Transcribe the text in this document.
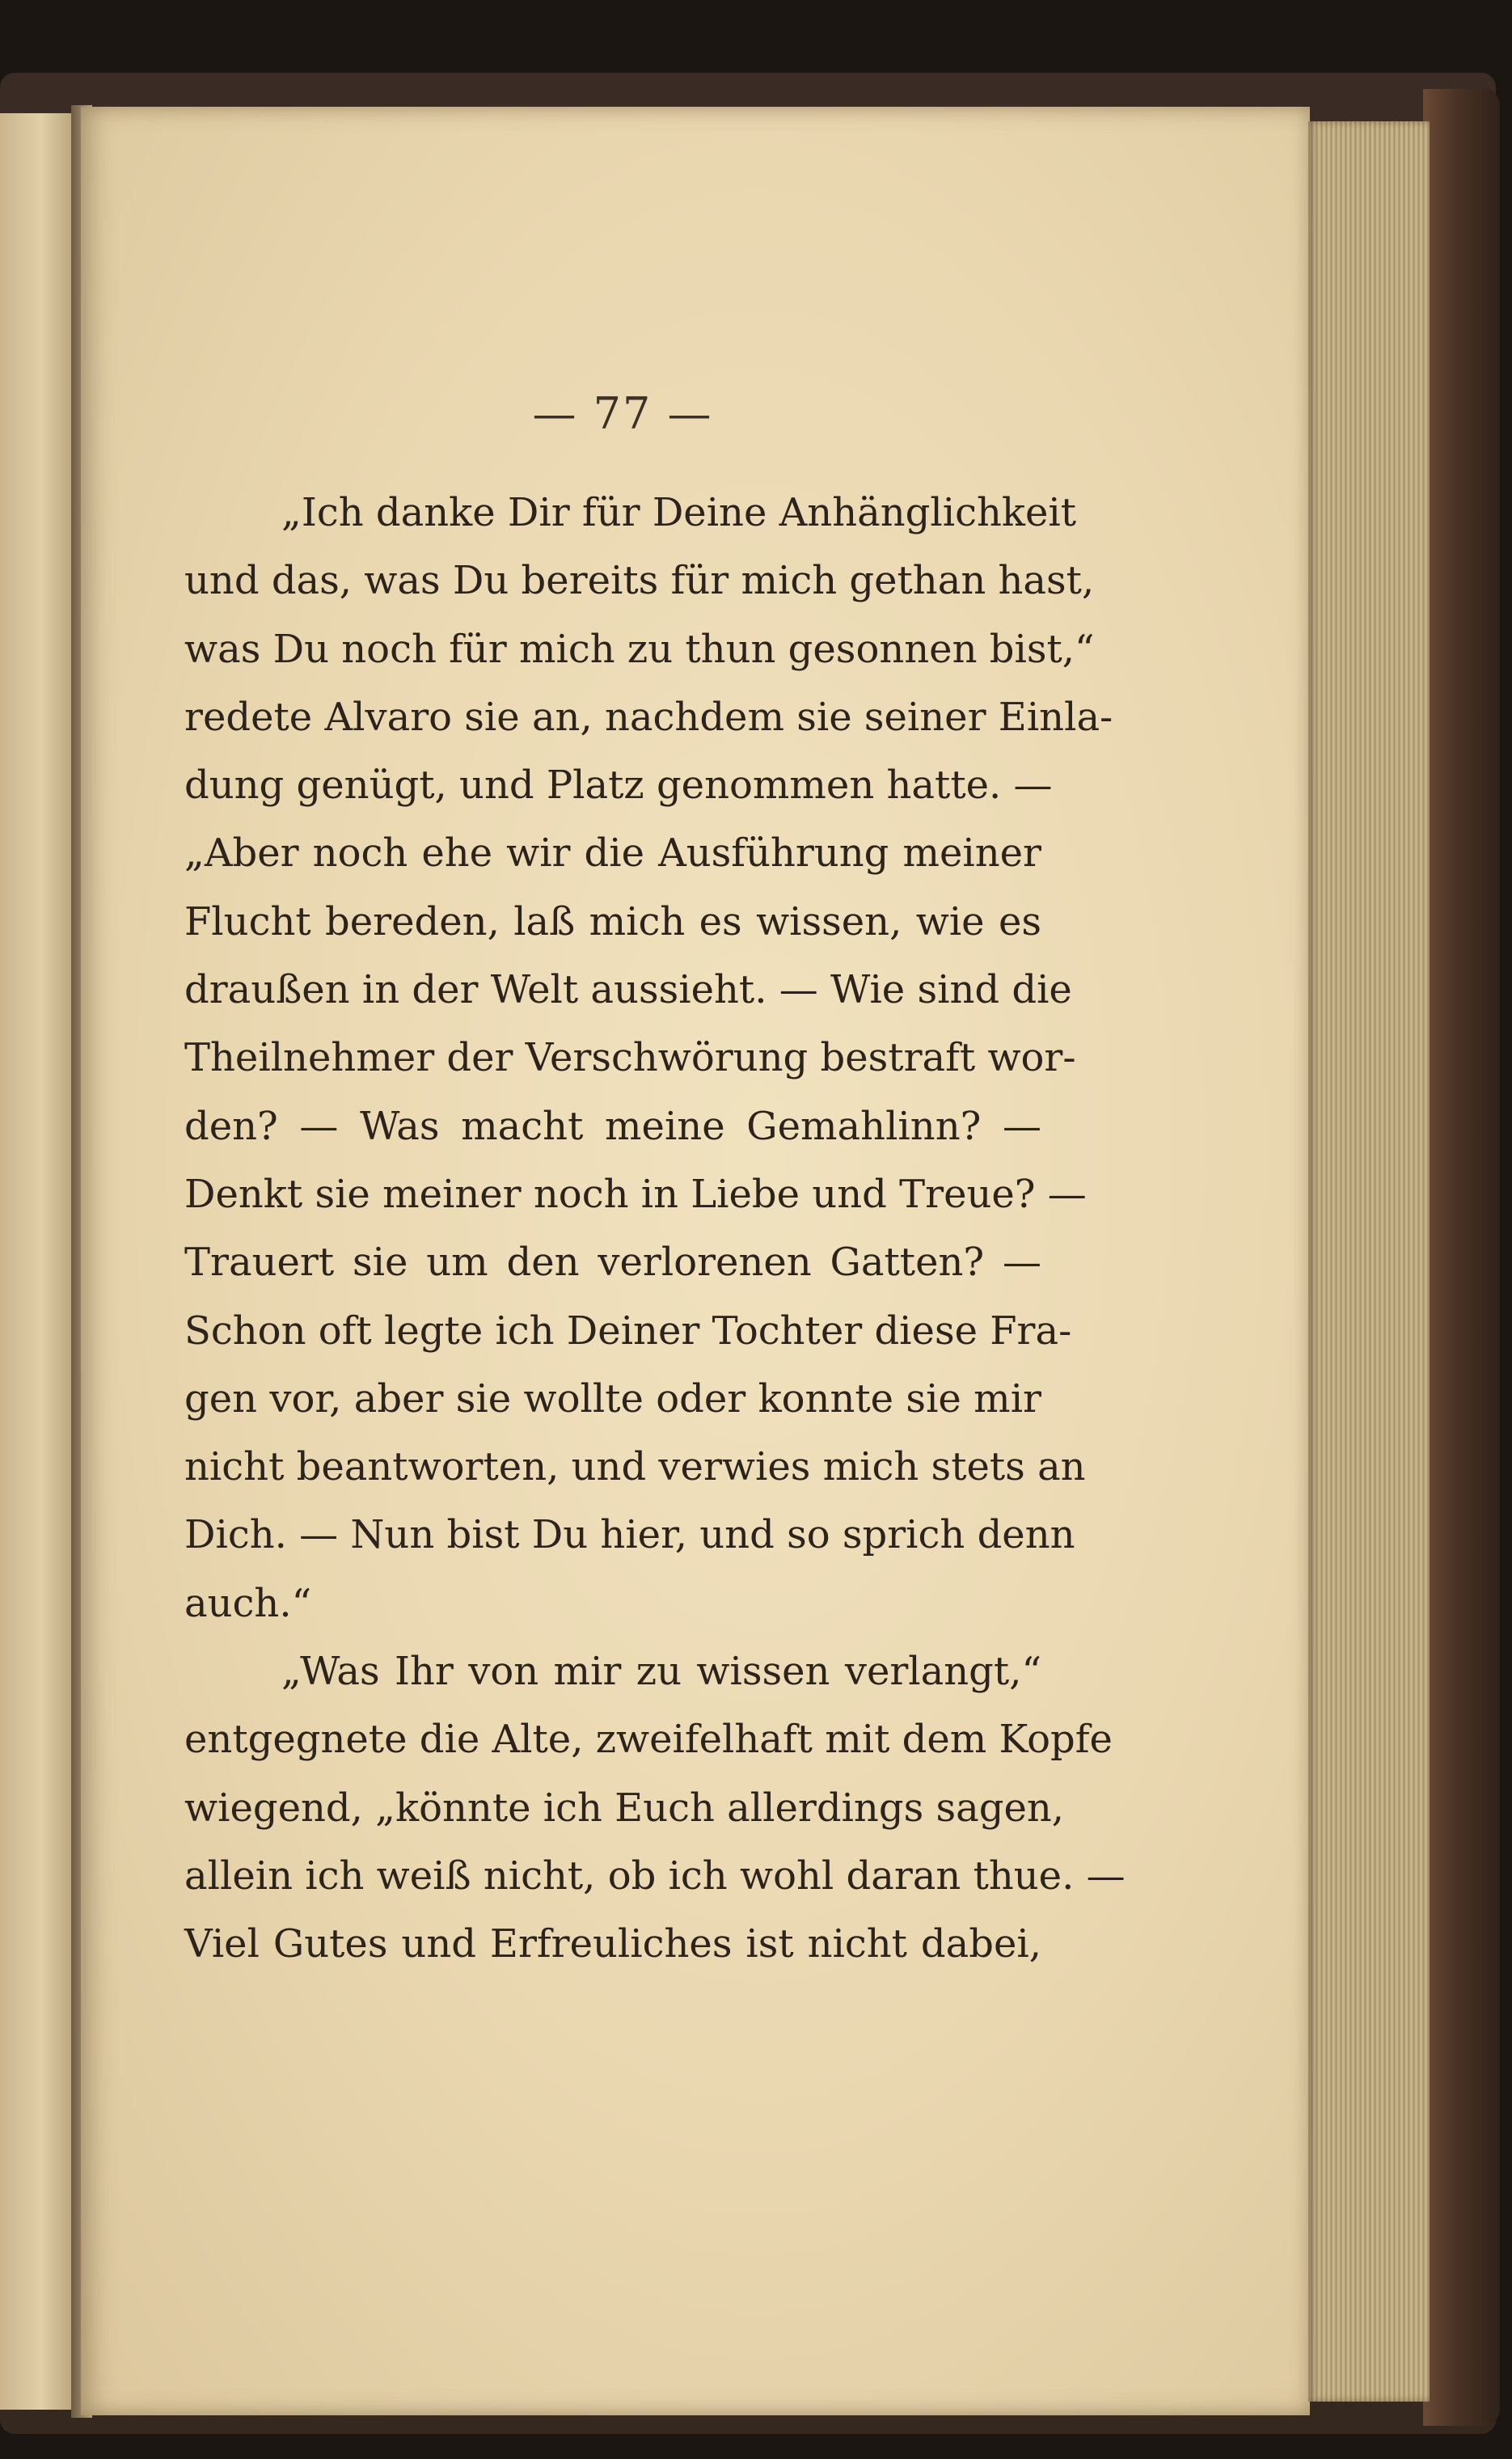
— 77 —
„Ich danke Dir für Deine Anhänglichkeit
und das, was Du bereits für mich gethan hast,
was Du noch für mich zu thun gesonnen bist,“
redete Alvaro sie an, nachdem sie seiner Einla-
dung genügt, und Platz genommen hatte. —
„Aber noch ehe wir die Ausführung meiner
Flucht bereden, laß mich es wissen, wie es
draußen in der Welt aussieht. — Wie sind die
Theilnehmer der Verschwörung bestraft wor-
den? — Was macht meine Gemahlinn? —
Denkt sie meiner noch in Liebe und Treue? —
Trauert sie um den verlorenen Gatten? —
Schon oft legte ich Deiner Tochter diese Fra-
gen vor, aber sie wollte oder konnte sie mir
nicht beantworten, und verwies mich stets an
Dich. — Nun bist Du hier, und so sprich denn
auch.“
„Was Ihr von mir zu wissen verlangt,“
entgegnete die Alte, zweifelhaft mit dem Kopfe
wiegend, „könnte ich Euch allerdings sagen,
allein ich weiß nicht, ob ich wohl daran thue. —
Viel Gutes und Erfreuliches ist nicht dabei,
